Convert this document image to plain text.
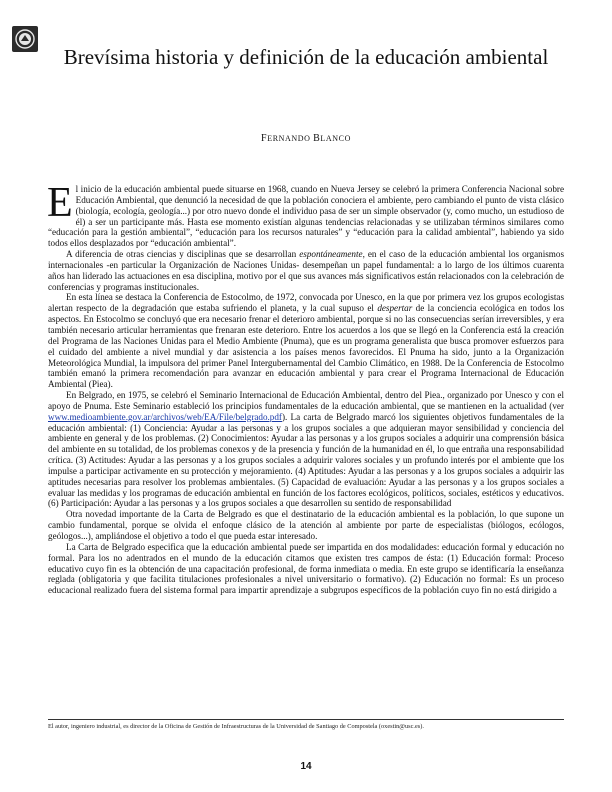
Brevísima historia y definición de la educación ambiental
FERNANDO BLANCO

El inicio de la educación ambiental puede situarse en 1968, cuando en Nueva Jersey se celebró la primera Conferencia Nacional sobre Educación Ambiental, que denunció la necesidad de que la población conociera el ambiente, pero cambiando el punto de vista clásico (biología, ecología, geología...) por otro nuevo donde el individuo pasa de ser un simple observador (y, como mucho, un estudioso de él) a ser un participante más. Hasta ese momento existían algunas tendencias relacionadas y se utilizaban términos similares como “educación para la gestión ambiental”, “educación para los recursos naturales” y “educación para la calidad ambiental”, habiendo ya sido todos ellos desplazados por “educación ambiental”.

A diferencia de otras ciencias y disciplinas que se desarrollan espontáneamente, en el caso de la educación ambiental los organismos internacionales -en particular la Organización de Naciones Unidas- desempeñan un papel fundamental: a lo largo de los últimos cuarenta años han liderado las actuaciones en esa disciplina, motivo por el que sus avances más significativos están relacionados con la celebración de conferencias y programas institucionales.

En esta línea se destaca la Conferencia de Estocolmo, de 1972, convocada por Unesco, en la que por primera vez los grupos ecologistas alertan respecto de la degradación que estaba sufriendo el planeta, y la cual supuso el despertar de la conciencia ecológica en todos los aspectos. En Estocolmo se concluyó que era necesario frenar el deterioro ambiental, porque si no las consecuencias serían irreversibles, y era también necesario articular herramientas que frenaran este deterioro. Entre los acuerdos a los que se llegó en la Conferencia está la creación del Programa de las Naciones Unidas para el Medio Ambiente (Pnuma), que es un programa generalista que busca promover esfuerzos para el cuidado del ambiente a nivel mundial y dar asistencia a los países menos favorecidos. El Pnuma ha sido, junto a la Organización Meteorológica Mundial, la impulsora del primer Panel Intergubernamental del Cambio Climático, en 1988. De la Conferencia de Estocolmo también emanó la primera recomendación para avanzar en educación ambiental y para crear el Programa Internacional de Educación Ambiental (Piea).

En Belgrado, en 1975, se celebró el Seminario Internacional de Educación Ambiental, dentro del Piea., organizado por Unesco y con el apoyo de Pnuma. Este Seminario estableció los principios fundamentales de la educación ambiental, que se mantienen en la actualidad (ver www.medioambiente.gov.ar/archivos/web/EA/File/belgrado.pdf). La carta de Belgrado marcó los siguientes objetivos fundamentales de la educación ambiental: (1) Conciencia: Ayudar a las personas y a los grupos sociales a que adquieran mayor sensibilidad y conciencia del ambiente en general y de los problemas. (2) Conocimientos: Ayudar a las personas y a los grupos sociales a adquirir una comprensión básica del ambiente en su totalidad, de los problemas conexos y de la presencia y función de la humanidad en él, lo que entraña una responsabilidad crítica. (3) Actitudes: Ayudar a las personas y a los grupos sociales a adquirir valores sociales y un profundo interés por el ambiente que los impulse a participar activamente en su protección y mejoramiento. (4) Aptitudes: Ayudar a las personas y a los grupos sociales a adquirir las aptitudes necesarias para resolver los problemas ambientales. (5) Capacidad de evaluación: Ayudar a las personas y a los grupos sociales a evaluar las medidas y los programas de educación ambiental en función de los factores ecológicos, políticos, sociales, estéticos y educativos. (6) Participación: Ayudar a las personas y a los grupos sociales a que desarrollen su sentido de responsabilidad

Otra novedad importante de la Carta de Belgrado es que el destinatario de la educación ambiental es la población, lo que supone un cambio fundamental, porque se olvida el enfoque clásico de la atención al ambiente por parte de especialistas (biólogos, ecólogos, geólogos...), ampliándose el objetivo a todo el que pueda estar interesado.

La Carta de Belgrado especifica que la educación ambiental puede ser impartida en dos modalidades: educación formal y educación no formal. Para los no adentrados en el mundo de la educación citamos que existen tres campos de ésta: (1) Educación formal: Proceso educativo cuyo fin es la obtención de una capacitación profesional, de forma inmediata o media. En este grupo se identificaría la enseñanza reglada (obligatoria y que facilita titulaciones profesionales a nivel universitario o formativo). (2) Educación no formal: Es un proceso educacional realizado fuera del sistema formal para impartir aprendizaje a subgrupos específicos de la población cuyo fin no está dirigido a

El autor, ingeniero industrial, es director de la Oficina de Gestión de Infraestructuras de la Universidad de Santiago de Compostela (oxestin@usc.es).
14
